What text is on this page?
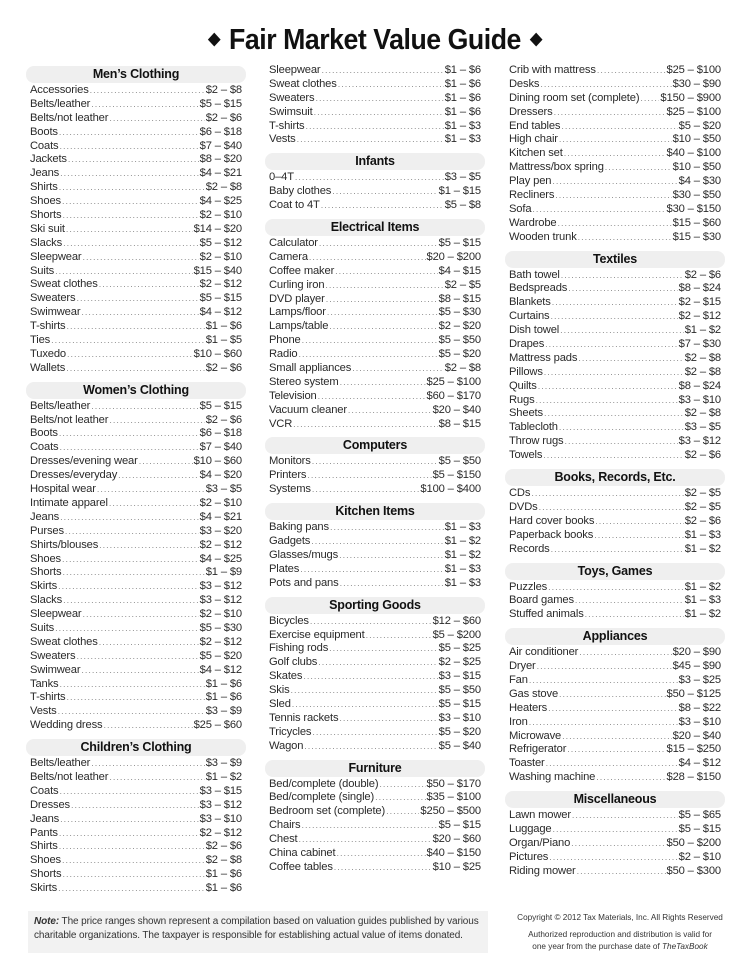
◆ Fair Market Value Guide ◆
Men’s Clothing
Accessories .....	$2 – $8
Belts/leather .....	$5 – $15
Belts/not leather .....	$2 – $6
Boots .....	$6 – $18
Coats .....	$7 – $40
Jackets .....	$8 – $20
Jeans .....	$4 – $21
Shirts .....	$2 – $8
Shoes .....	$4 – $25
Shorts .....	$2 – $10
Ski suit .....	$14 – $20
Slacks .....	$5 – $12
Sleepwear .....	$2 – $10
Suits .....	$15 – $40
Sweat clothes .....	$2 – $12
Sweaters .....	$5 – $15
Swimwear .....	$4 – $12
T-shirts .....	$1 – $6
Ties .....	$1 – $5
Tuxedo .....	$10 – $60
Wallets .....	$2 – $6
Women’s Clothing
Belts/leather .....	$5 – $15
Belts/not leather .....	$2 – $6
Boots .....	$6 – $18
Coats .....	$7 – $40
Dresses/evening wear .....	$10 – $60
Dresses/everyday .....	$4 – $20
Hospital wear .....	$3 – $5
Intimate apparel .....	$2 – $10
Jeans .....	$4 – $21
Purses .....	$3 – $20
Shirts/blouses .....	$2 – $12
Shoes .....	$4 – $25
Shorts .....	$1 – $9
Skirts .....	$3 – $12
Slacks .....	$3 – $12
Sleepwear .....	$2 – $10
Suits .....	$5 – $30
Sweat clothes .....	$2 – $12
Sweaters .....	$5 – $20
Swimwear .....	$4 – $12
Tanks .....	$1 – $6
T-shirts .....	$1 – $6
Vests .....	$3 – $9
Wedding dress .....	$25 – $60
Children’s Clothing
Belts/leather .....	$3 – $9
Belts/not leather .....	$1 – $2
Coats .....	$3 – $15
Dresses .....	$3 – $12
Jeans .....	$3 – $10
Pants .....	$2 – $12
Shirts .....	$2 – $6
Shoes .....	$2 – $8
Shorts .....	$1 – $6
Skirts .....	$1 – $6
Sleepwear .....	$1 – $6
Sweat clothes .....	$1 – $6
Sweaters .....	$1 – $6
Swimsuit .....	$1 – $6
T-shirts .....	$1 – $3
Vests .....	$1 – $3
Infants
0–4T .....	$3 – $5
Baby clothes .....	$1 – $15
Coat to 4T .....	$5 – $8
Electrical Items
Calculator .....	$5 – $15
Camera .....	$20 – $200
Coffee maker .....	$4 – $15
Curling iron .....	$2 – $5
DVD player .....	$8 – $15
Lamps/floor .....	$5 – $30
Lamps/table .....	$2 – $20
Phone .....	$5 – $50
Radio .....	$5 – $20
Small appliances .....	$2 – $8
Stereo system .....	$25 – $100
Television .....	$60 – $170
Vacuum cleaner .....	$20 – $40
VCR .....	$8 – $15
Computers
Monitors .....	$5 – $50
Printers .....	$5 – $150
Systems .....	$100 – $400
Kitchen Items
Baking pans .....	$1 – $3
Gadgets .....	$1 – $2
Glasses/mugs .....	$1 – $2
Plates .....	$1 – $3
Pots and pans .....	$1 – $3
Sporting Goods
Bicycles .....	$12 – $60
Exercise equipment .....	$5 – $200
Fishing rods .....	$5 – $25
Golf clubs .....	$2 – $25
Skates .....	$3 – $15
Skis .....	$5 – $50
Sled .....	$5 – $15
Tennis rackets .....	$3 – $10
Tricycles .....	$5 – $20
Wagon .....	$5 – $40
Furniture
Bed/complete (double) .....	$50 – $170
Bed/complete (single) .....	$35 – $100
Bedroom set (complete) .....	$250 – $500
Chairs .....	$5 – $15
Chest .....	$20 – $60
China cabinet .....	$40 – $150
Coffee tables .....	$10 – $25
Crib with mattress .....	$25 – $100
Desks .....	$30 – $90
Dining room set (complete) ..... $150 – $900
Dressers .....	$25 – $100
End tables .....	$5 – $20
High chair .....	$10 – $50
Kitchen set .....	$40 – $100
Mattress/box spring .....	$10 – $50
Play pen .....	$4 – $30
Recliners .....	$30 – $50
Sofa .....	$30 – $150
Wardrobe .....	$15 – $60
Wooden trunk .....	$15 – $30
Textiles
Bath towel .....	$2 – $6
Bedspreads .....	$8 – $24
Blankets .....	$2 – $15
Curtains .....	$2 – $12
Dish towel .....	$1 – $2
Drapes .....	$7 – $30
Mattress pads .....	$2 – $8
Pillows .....	$2 – $8
Quilts .....	$8 – $24
Rugs .....	$3 – $10
Sheets .....	$2 – $8
Tablecloth .....	$3 – $5
Throw rugs .....	$3 – $12
Towels .....	$2 – $6
Books, Records, Etc.
CDs .....	$2 – $5
DVDs .....	$2 – $5
Hard cover books .....	$2 – $6
Paperback books .....	$1 – $3
Records .....	$1 – $2
Toys, Games
Puzzles .....	$1 – $2
Board games .....	$1 – $3
Stuffed animals .....	$1 – $2
Appliances
Air conditioner .....	$20 – $90
Dryer .....	$45 – $90
Fan .....	$3 – $25
Gas stove .....	$50 – $125
Heaters .....	$8 – $22
Iron .....	$3 – $10
Microwave .....	$20 – $40
Refrigerator .....	$15 – $250
Toaster .....	$4 – $12
Washing machine .....	$28 – $150
Miscellaneous
Lawn mower .....	$5 – $65
Luggage .....	$5 – $15
Organ/Piano .....	$50 – $200
Pictures .....	$2 – $10
Riding mower .....	$50 – $300
Note: The price ranges shown represent a compilation based on valuation guides published by various charitable organizations. The taxpayer is responsible for establishing actual value of items donated.
Copyright © 2012 Tax Materials, Inc. All Rights Reserved
Authorized reproduction and distribution is valid for
one year from the purchase date of TheTaxBook
